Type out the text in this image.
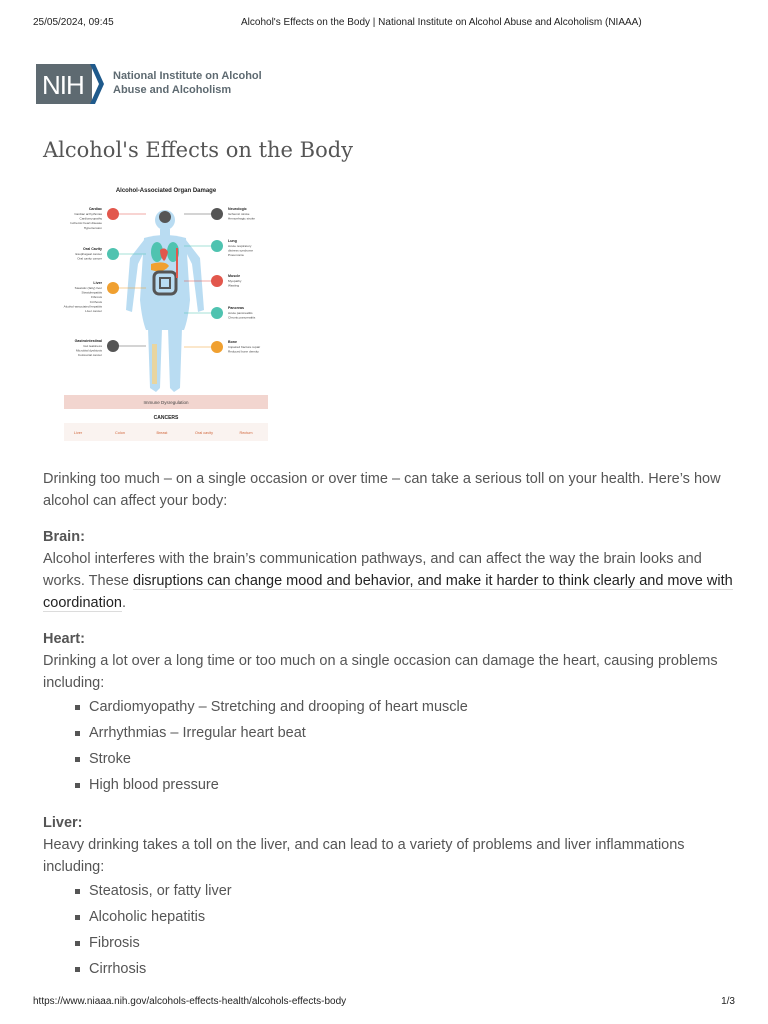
25/05/2024, 09:45	Alcohol's Effects on the Body | National Institute on Alcohol Abuse and Alcoholism (NIAAA)
NIH	National Institute on Alcohol
Abuse and Alcoholism
Alcohol's Effects on the Body
Alcohol-Associated Organ Damage
Cardiac
Cardiac arrhythmias
Cardiomyopathy
Ischemic heart disease
Hypertension
Oral Cavity
Esophageal cancer
Oral cavity cancer
Liver
Steatotic (fatty) liver
Steatohepatitis
Fibrosis
Cirrhosis
Alcohol-associated hepatitis
Liver cancer
Gastrointestinal
Gut leakiness
Microbial dysbiosis
Colorectal cancer
Neurologic
Ischemic stroke
Hemorrhagic stroke
Lung
Acute respiratory
distress syndrome
Pneumonia
Muscle
Myopathy
Wasting
Pancreas
Acute pancreatitis
Chronic pancreatitis
Bone
Impaired fracture repair
Reduced bone density
Immune Dysregulation
CANCERS
Liver	Colon	Breast	Oral cavity	Rectum

Drinking too much – on a single occasion or over time – can take a serious toll on your health. Here’s how alcohol can affect your body:

Brain:

Alcohol interferes with the brain’s communication pathways, and can affect the way the brain looks and
works. These disruptions can change mood and behavior, and make it harder to think clearly and move with coordination.

Heart:

Drinking a lot over a long time or too much on a single occasion can damage the heart, causing problems including:

Cardiomyopathy – Stretching and drooping of heart muscle
Arrhythmias – Irregular heart beat
Stroke
High blood pressure
Liver:

Heavy drinking takes a toll on the liver, and can lead to a variety of problems and liver inflammations including:

Steatosis, or fatty liver
Alcoholic hepatitis
Fibrosis
Cirrhosis
https://www.niaaa.nih.gov/alcohols-effects-health/alcohols-effects-body	1/3
